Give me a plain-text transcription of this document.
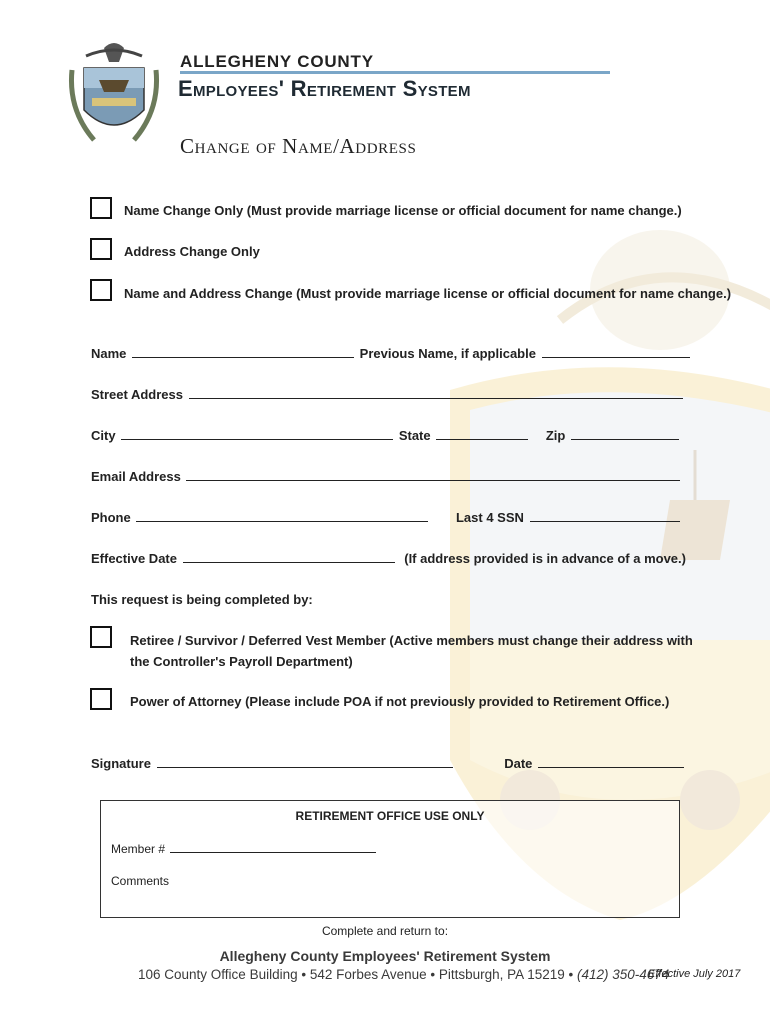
ALLEGHENY COUNTY
Employees' Retirement System
Change of Name/Address
Name Change Only (Must provide marriage license or official document for name change.)
Address Change Only
Name and Address Change (Must provide marriage license or official document for name change.)
Name	Previous Name, if applicable
Street Address
City	State	Zip
Email Address
Phone	Last 4 SSN
Effective Date	(If address provided is in advance of a move.)
This request is being completed by:
Retiree / Survivor / Deferred Vest Member (Active members must change their address with
the Controller's Payroll Department)
Power of Attorney (Please include POA if not previously provided to Retirement Office.)
Signature	Date
RETIREMENT OFFICE USE ONLY
Member #
Comments
Complete and return to:
Allegheny County Employees' Retirement System
106 County Office Building • 542 Forbes Avenue • Pittsburgh, PA 15219 • (412) 350-4674
Effective July 2017
